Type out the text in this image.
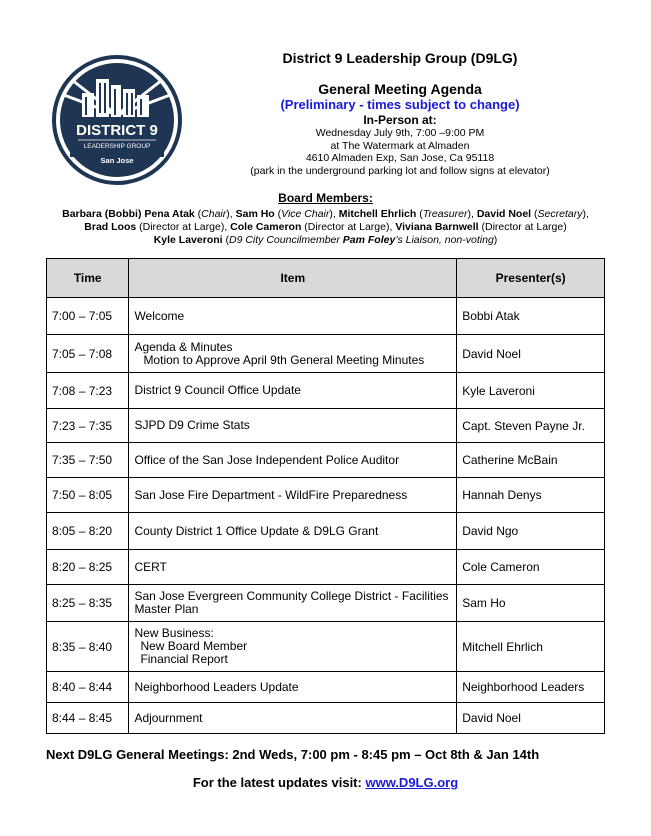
DISTRICT 9
LEADERSHIP GROUP
San Jose
District 9 Leadership Group (D9LG)
General Meeting Agenda
(Preliminary - times subject to change)
In-Person at:
Wednesday July 9th, 7:00 –9:00 PM
at The Watermark at Almaden
4610 Almaden Exp, San Jose, Ca 95118
(park in the underground parking lot and follow signs at elevator)
Board Members:
Barbara (Bobbi) Pena Atak (Chair), Sam Ho (Vice Chair), Mitchell Ehrlich (Treasurer), David Noel (Secretary),
Brad Loos (Director at Large), Cole Cameron (Director at Large), Viviana Barnwell (Director at Large)
Kyle Laveroni (D9 City Councilmember Pam Foley’s Liaison, non-voting)
Time	Item	Presenter(s)
7:00 – 7:05	Welcome	Bobbi Atak
7:05 – 7:08	Agenda & Minutes
Motion to Approve April 9th General Meeting Minutes	David Noel
7:08 – 7:23	District 9 Council Office Update	Kyle Laveroni
7:23 – 7:35	SJPD D9 Crime Stats	Capt. Steven Payne Jr.
7:35 – 7:50	Office of the San Jose Independent Police Auditor	Catherine McBain
7:50 – 8:05	San Jose Fire Department - WildFire Preparedness	Hannah Denys
8:05 – 8:20	County District 1 Office Update & D9LG Grant	David Ngo
8:20 – 8:25	CERT	Cole Cameron
8:25 – 8:35	San Jose Evergreen Community College District - Facilities Master Plan	Sam Ho
8:35 – 8:40	New Business:
New Board Member
Financial Report	Mitchell Ehrlich
8:40 – 8:44	Neighborhood Leaders Update	Neighborhood Leaders
8:44 – 8:45	Adjournment	David Noel
Next D9LG General Meetings: 2nd Weds, 7:00 pm - 8:45 pm – Oct 8th & Jan 14th
For the latest updates visit: www.D9LG.org
